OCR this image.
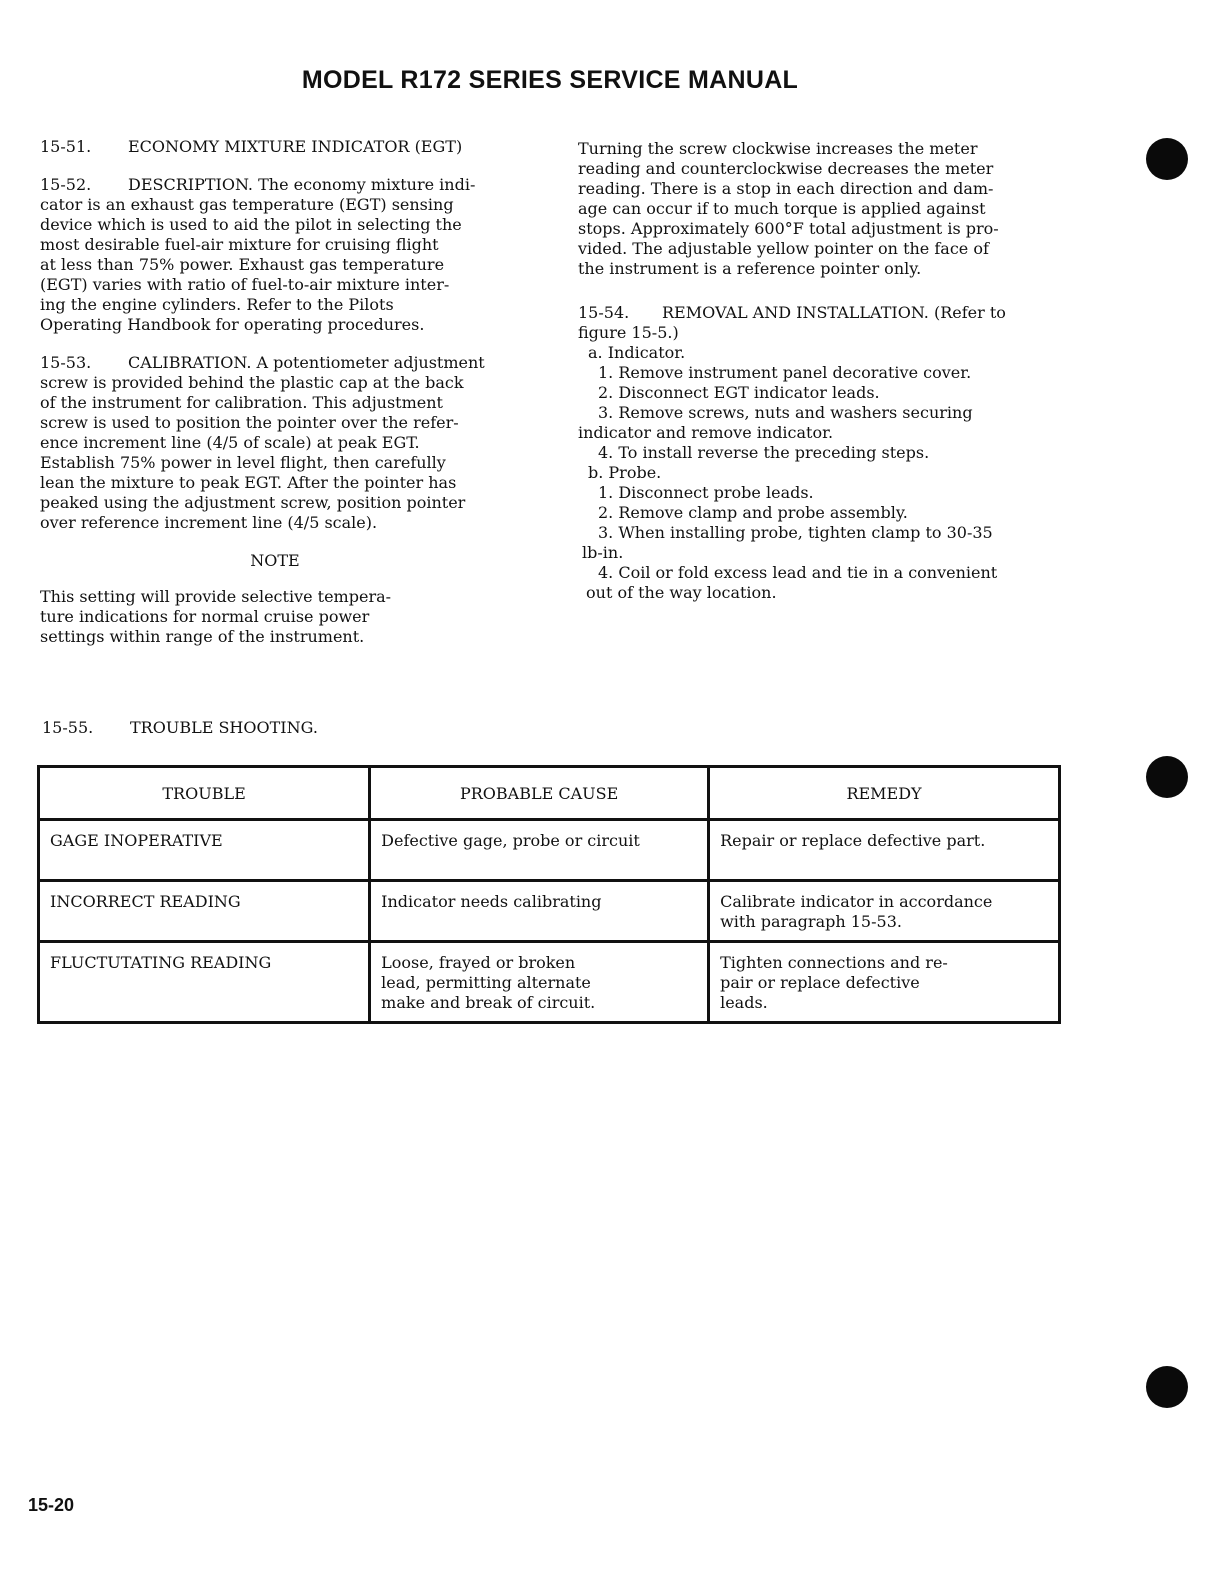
MODEL R172 SERIES SERVICE MANUAL

15-51. ECONOMY MIXTURE INDICATOR (EGT)

15-52. DESCRIPTION. The economy mixture indi-
cator is an exhaust gas temperature (EGT) sensing
device which is used to aid the pilot in selecting the
most desirable fuel-air mixture for cruising flight
at less than 75% power. Exhaust gas temperature
(EGT) varies with ratio of fuel-to-air mixture inter-
ing the engine cylinders. Refer to the Pilots
Operating Handbook for operating procedures.

15-53. CALIBRATION. A potentiometer adjustment
screw is provided behind the plastic cap at the back
of the instrument for calibration. This adjustment
screw is used to position the pointer over the refer-
ence increment line (4/5 of scale) at peak EGT.
Establish 75% power in level flight, then carefully
lean the mixture to peak EGT. After the pointer has
peaked using the adjustment screw, position pointer
over reference increment line (4/5 scale).

NOTE

This setting will provide selective tempera-
ture indications for normal cruise power
settings within range of the instrument.

Turning the screw clockwise increases the meter
reading and counterclockwise decreases the meter
reading. There is a stop in each direction and dam-
age can occur if to much torque is applied against
stops. Approximately 600°F total adjustment is pro-
vided. The adjustable yellow pointer on the face of
the instrument is a reference pointer only.

15-54. REMOVAL AND INSTALLATION. (Refer to
figure 15-5.)

a. Indicator.
1. Remove instrument panel decorative cover.
2. Disconnect EGT indicator leads.
3. Remove screws, nuts and washers securing
indicator and remove indicator.
4. To install reverse the preceding steps.
b. Probe.
1. Disconnect probe leads.
2. Remove clamp and probe assembly.
3. When installing probe, tighten clamp to 30-35
lb-in.
4. Coil or fold excess lead and tie in a convenient
out of the way location.
15-55. TROUBLE SHOOTING.
TROUBLE	PROBABLE CAUSE	REMEDY
GAGE INOPERATIVE	Defective gage, probe or circuit	Repair or replace defective part.
INCORRECT READING	Indicator needs calibrating	Calibrate indicator in accordance
with paragraph 15-53.
FLUCTUTATING READING	Loose, frayed or broken
lead, permitting alternate
make and break of circuit.	Tighten connections and re-
pair or replace defective
leads.
15-20
